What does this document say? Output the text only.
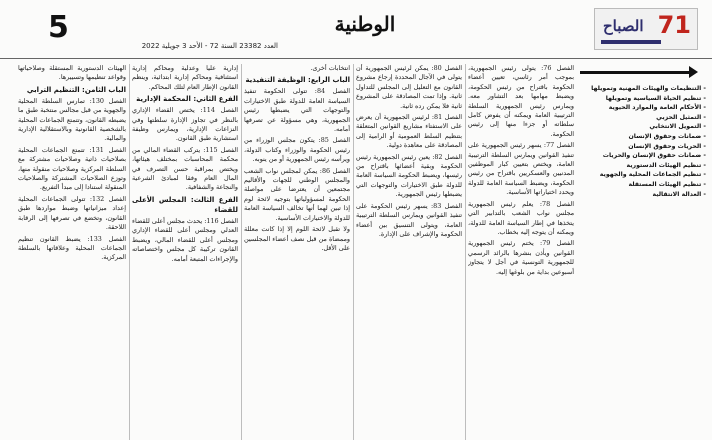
5
العدد 23382 السنة 72 - الأحد 3 جويلية 2022
الوطنية	71
الصباح
- التنظيمات والهيئات المهنية وتمويلها
- تنظيم الحياة السياسية وتمويلها
- الأحكام العامة والموارد الحيوية
- التمثيل الحزبي
- التمويل الانتخابي
- ضمانات وحقوق الإنسان
- الحريات وحقوق الإنسان
- ضمانات حقوق الإنسان والحريات
- تنظيم الهيئات الدستورية
- تنظيم الجماعات المحلية والجهوية
- تنظيم الهيئات المستقلة
- العدالة الانتقالية

الفصل 76: يتولى رئيس الجمهورية، بموجب أمر رئاسي، تعيين أعضاء الحكومة باقتراح من رئيس الحكومة، ويضبط مهامها بعد التشاور معه. ويمارس رئيس الجمهورية السلطة الترتيبية العامة ويمكنه أن يفوض كامل سلطاته أو جزءا منها إلى رئيس الحكومة.

الفصل 77: يسهر رئيس الجمهورية على تنفيذ القوانين ويمارس السلطة الترتيبية العامة، ويختص بتعيين كبار الموظفين المدنيين والعسكريين باقتراح من رئيس الحكومة، ويضبط السياسة العامة للدولة ويحدد اختياراتها الأساسية.

الفصل 78: يعلم رئيس الجمهورية مجلس نواب الشعب بالتدابير التي يتخذها في إطار السياسة العامة للدولة، ويمكنه أن يتوجه إليه بخطاب.

الفصل 79: يختم رئيس الجمهورية القوانين ويأذن بنشرها بالرائد الرسمي للجمهورية التونسية في أجل لا يتجاوز أسبوعين بداية من بلوغها إليه.

الفصل 80: يمكن لرئيس الجمهورية أن يتولى في الآجال المحددة إرجاع مشروع القانون مع التعليل إلى المجلس للتداول ثانية. وإذا تمت المصادقة على المشروع ثانية فلا يمكن رده ثانية.

الفصل 81: لرئيس الجمهورية أن يعرض على الاستفتاء مشاريع القوانين المتعلقة بتنظيم السلط العمومية أو الرامية إلى المصادقة على معاهدة دولية.

الفصل 82: يعين رئيس الجمهورية رئيس الحكومة وبقية أعضائها باقتراح من رئيسها، ويضبط الحكومة السياسة العامة للدولة طبق الاختيارات والتوجهات التي يضبطها رئيس الجمهورية.

الفصل 83: يسهر رئيس الحكومة على تنفيذ القوانين ويمارس السلطة الترتيبية العامة، ويتولى التنسيق بين أعضاء الحكومة والإشراف على الإدارة.

انتخابات أخرى.

الباب الرابع: الوظيفة التنفيذية

الفصل 84: تتولى الحكومة تنفيذ السياسة العامة للدولة طبق الاختيارات والتوجهات التي يضبطها رئيس الجمهورية، وهي مسؤولة عن تصرفها أمامه.

الفصل 85: يتكون مجلس الوزراء من رئيس الحكومة والوزراء وكتاب الدولة، ويرأسه رئيس الجمهورية أو من ينوبه.

الفصل 86: يمكن لمجلس نواب الشعب والمجلس الوطني للجهات والأقاليم مجتمعين أن يعترضا على مواصلة الحكومة لمسؤولياتها بتوجيه لائحة لوم إذا تبين لهما أنها تخالف السياسة العامة للدولة والاختيارات الأساسية.

ولا تقبل لائحة اللوم إلا إذا كانت معللة وممضاة من قبل نصف أعضاء المجلسين على الأقل.

إدارية عليا وعدلية ومحاكم إدارية استئنافية ومحاكم إدارية ابتدائية، وينظم القانون الإطار العام لتلك المحاكم.

الفرع الثاني: المحكمة الإدارية

الفصل 114: يختص القضاء الإداري بالنظر في تجاوز الإدارة سلطتها وفي النزاعات الإدارية، ويمارس وظيفة استشارية طبق القانون.

الفصل 115: يتركب القضاء المالي من محكمة المحاسبات بمختلف هيئاتها، ويختص بمراقبة حسن التصرف في المال العام وفقا لمبادئ الشرعية والنجاعة والشفافية.

الفرع الثالث: المجلس الأعلى للقضاء

الفصل 116: يحدث مجلس أعلى للقضاء العدلي ومجلس أعلى للقضاء الإداري ومجلس أعلى للقضاء المالي، ويضبط القانون تركيبة كل مجلس واختصاصاته والإجراءات المتبعة أمامه.

الهيئات الدستورية المستقلة وصلاحياتها وقواعد تنظيمها وتسييرها.

الباب الثامن: التنظيم الترابي

الفصل 130: تمارس السلطة المحلية والجهوية من قبل مجالس منتخبة طبق ما يضبطه القانون، وتتمتع الجماعات المحلية بالشخصية القانونية وبالاستقلالية الإدارية والمالية.

الفصل 131: تتمتع الجماعات المحلية بصلاحيات ذاتية وصلاحيات مشتركة مع السلطة المركزية وصلاحيات منقولة منها، وتوزع الصلاحيات المشتركة والصلاحيات المنقولة استنادا إلى مبدأ التفريع.

الفصل 132: تتولى الجماعات المحلية إعداد ميزانياتها وضبط مواردها طبق القانون، وتخضع في تصرفها إلى الرقابة اللاحقة.

الفصل 133: يضبط القانون تنظيم الجماعات المحلية وعلاقاتها بالسلطة المركزية.
